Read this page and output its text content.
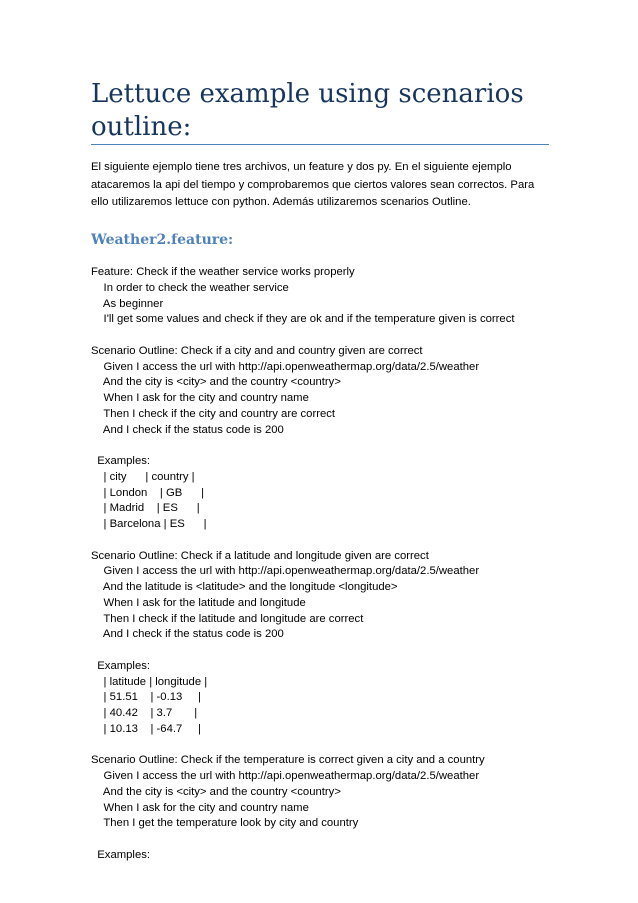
Lettuce example using scenarios outline:

El siguiente ejemplo tiene tres archivos, un feature y dos py. En el siguiente ejemplo atacaremos la api del tiempo y comprobaremos que ciertos valores sean correctos. Para ello utilizaremos lettuce con python. Además utilizaremos scenarios Outline.

Weather2.feature:
Feature: Check if the weather service works properly
In order to check the weather service
As beginner
I'll get some values and check if they are ok and if the temperature given is correct
Scenario Outline: Check if a city and and country given are correct
Given I access the url with http://api.openweathermap.org/data/2.5/weather
And the city is <city> and the country <country>
When I ask for the city and country name
Then I check if the city and country are correct
And I check if the status code is 200
Examples:
| city      | country |
| London    | GB      |
| Madrid    | ES      |
| Barcelona | ES      |
Scenario Outline: Check if a latitude and longitude given are correct
Given I access the url with http://api.openweathermap.org/data/2.5/weather
And the latitude is <latitude> and the longitude <longitude>
When I ask for the latitude and longitude
Then I check if the latitude and longitude are correct
And I check if the status code is 200
Examples:
| latitude | longitude |
| 51.51    | -0.13     |
| 40.42    | 3.7       |
| 10.13    | -64.7     |
Scenario Outline: Check if the temperature is correct given a city and a country
Given I access the url with http://api.openweathermap.org/data/2.5/weather
And the city is <city> and the country <country>
When I ask for the city and country name
Then I get the temperature look by city and country
Examples:
